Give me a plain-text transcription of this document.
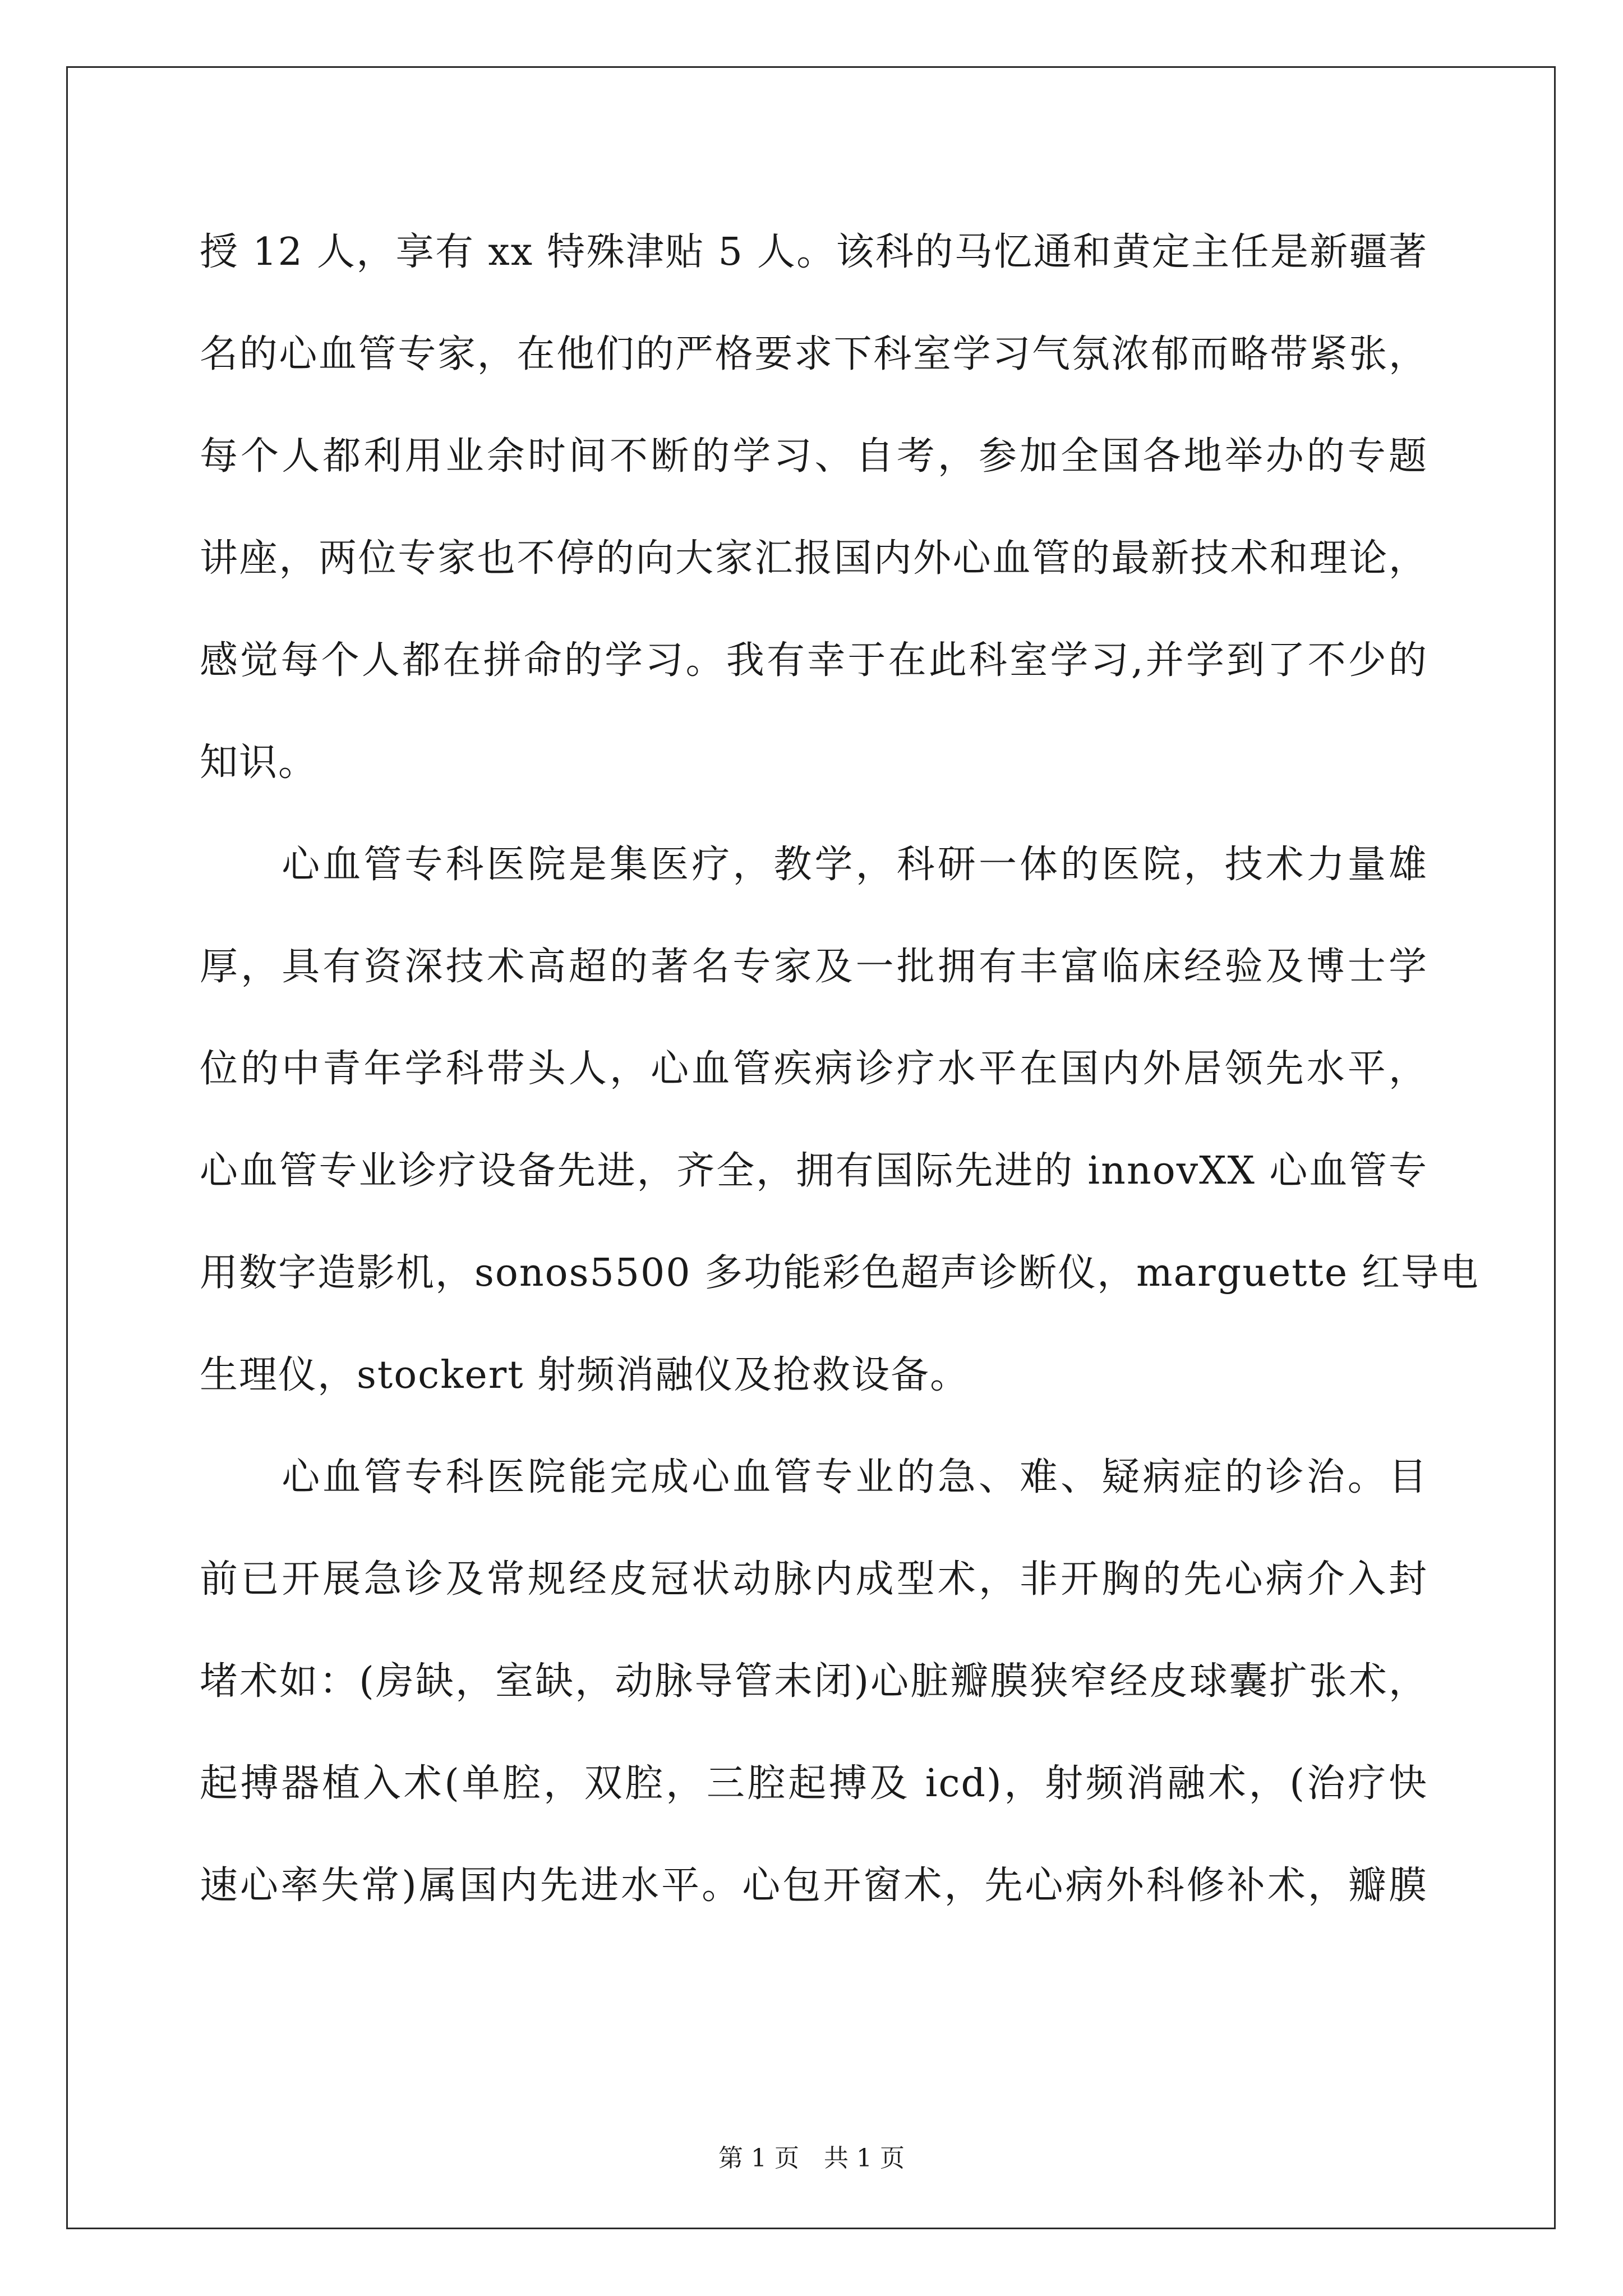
授 12 人，享有 xx 特殊津贴 5 人。该科的马忆通和黄定主任是新疆著
名的心血管专家，在他们的严格要求下科室学习气氛浓郁而略带紧张，
每个人都利用业余时间不断的学习、自考，参加全国各地举办的专题
讲座，两位专家也不停的向大家汇报国内外心血管的最新技术和理论，
感觉每个人都在拼命的学习。我有幸于在此科室学习,并学到了不少的
知识。
　　心血管专科医院是集医疗，教学，科研一体的医院，技术力量雄
厚，具有资深技术高超的著名专家及一批拥有丰富临床经验及博士学
位的中青年学科带头人，心血管疾病诊疗水平在国内外居领先水平，
心血管专业诊疗设备先进，齐全，拥有国际先进的 innovXX 心血管专
用数字造影机，sonos5500 多功能彩色超声诊断仪，marguette 红导电
生理仪，stockert 射频消融仪及抢救设备。
　　心血管专科医院能完成心血管专业的急、难、疑病症的诊治。目
前已开展急诊及常规经皮冠状动脉内成型术，非开胸的先心病介入封
堵术如：(房缺，室缺，动脉导管未闭)心脏瓣膜狭窄经皮球囊扩张术，
起搏器植入术(单腔，双腔，三腔起搏及 icd)，射频消融术，(治疗快
速心率失常)属国内先进水平。心包开窗术，先心病外科修补术，瓣膜
第 1 页　共 1 页
